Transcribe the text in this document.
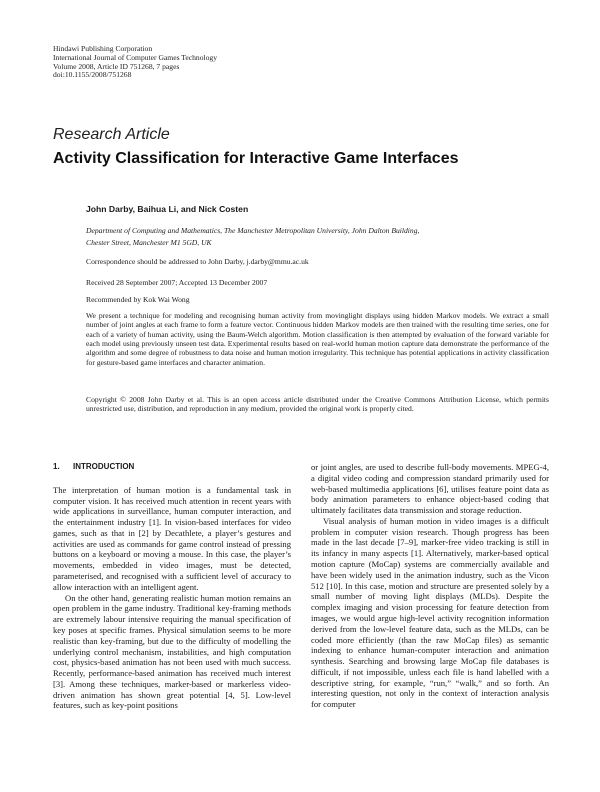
Hindawi Publishing Corporation
International Journal of Computer Games Technology
Volume 2008, Article ID 751268, 7 pages
doi:10.1155/2008/751268
Research Article
Activity Classification for Interactive Game Interfaces
John Darby, Baihua Li, and Nick Costen
Department of Computing and Mathematics, The Manchester Metropolitan University, John Dalton Building,
Chester Street, Manchester M1 5GD, UK
Correspondence should be addressed to John Darby, j.darby@mmu.ac.uk
Received 28 September 2007; Accepted 13 December 2007
Recommended by Kok Wai Wong
We present a technique for modeling and recognising human activity from movinglight displays using hidden Markov models. We extract a small number of joint angles at each frame to form a feature vector. Continuous hidden Markov models are then trained with the resulting time series, one for each of a variety of human activity, using the Baum-Welch algorithm. Motion classification is then attempted by evaluation of the forward variable for each model using previously unseen test data. Experimental results based on real-world human motion capture data demonstrate the performance of the algorithm and some degree of robustness to data noise and human motion irregularity. This technique has potential applications in activity classification for gesture-based game interfaces and character animation.
Copyright © 2008 John Darby et al. This is an open access article distributed under the Creative Commons Attribution License, which permits unrestricted use, distribution, and reproduction in any medium, provided the original work is properly cited.
1. INTRODUCTION

The interpretation of human motion is a fundamental task in computer vision. It has received much attention in recent years with wide applications in surveillance, human computer interaction, and the entertainment industry [1]. In vision-based interfaces for video games, such as that in [2] by Decathlete, a player’s gestures and activities are used as commands for game control instead of pressing buttons on a keyboard or moving a mouse. In this case, the player’s movements, embedded in video images, must be detected, parameterised, and recognised with a sufficient level of accuracy to allow interaction with an intelligent agent.

On the other hand, generating realistic human motion remains an open problem in the game industry. Traditional key-framing methods are extremely labour intensive requiring the manual specification of key poses at specific frames. Physical simulation seems to be more realistic than key-framing, but due to the difficulty of modelling the underlying control mechanism, instabilities, and high computation cost, physics-based animation has not been used with much success. Recently, performance-based animation has received much interest [3]. Among these techniques, marker-based or markerless video-driven animation has shown great potential [4, 5]. Low-level features, such as key-point positions

or joint angles, are used to describe full-body movements. MPEG-4, a digital video coding and compression standard primarily used for web-based multimedia applications [6], utilises feature point data as body animation parameters to enhance object-based coding that ultimately facilitates data transmission and storage reduction.

Visual analysis of human motion in video images is a difficult problem in computer vision research. Though progress has been made in the last decade [7–9], marker-free video tracking is still in its infancy in many aspects [1]. Alternatively, marker-based optical motion capture (MoCap) systems are commercially available and have been widely used in the animation industry, such as the Vicon 512 [10]. In this case, motion and structure are presented solely by a small number of moving light displays (MLDs). Despite the complex imaging and vision processing for feature detection from images, we would argue high-level activity recognition information derived from the low-level feature data, such as the MLDs, can be coded more efficiently (than the raw MoCap files) as semantic indexing to enhance human-computer interaction and animation synthesis. Searching and browsing large MoCap file databases is difficult, if not impossible, unless each file is hand labelled with a descriptive string, for example, “run,” “walk,” and so forth. An interesting question, not only in the context of interaction analysis for computer
